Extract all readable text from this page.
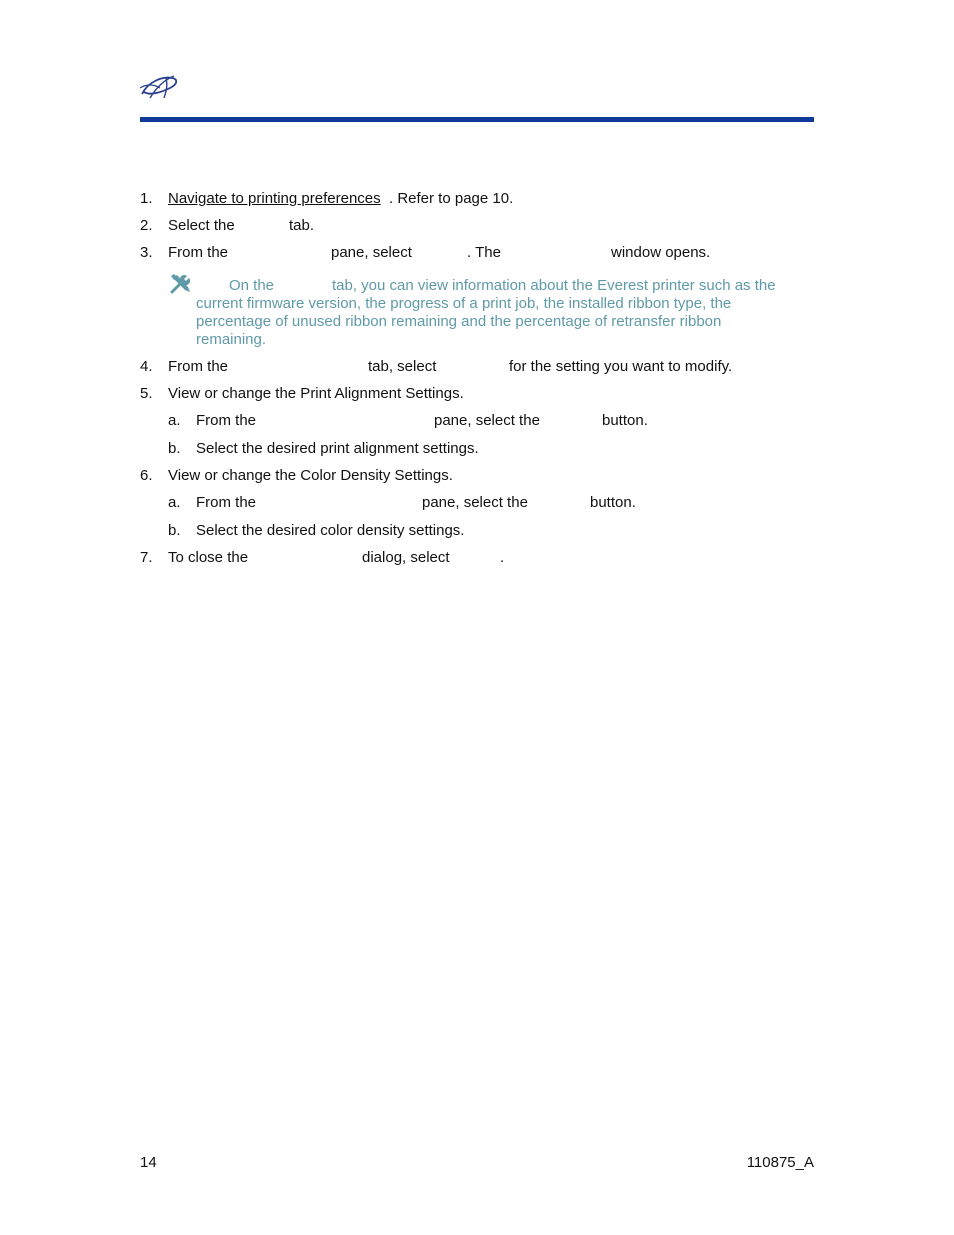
1. Navigate to printing preferences . Refer to page 10.
2. Select the	tab.
3. From the	pane, select	. The	window opens.
On the	tab, you can view information about the Everest printer such as the
current firmware version, the progress of a print job, the installed ribbon type, the
percentage of unused ribbon remaining and the percentage of retransfer ribbon
remaining.
4. From the	tab, select	for the setting you want to modify.
5. View or change the Print Alignment Settings.
a. From the	pane, select the	button.
b. Select the desired print alignment settings.
6. View or change the Color Density Settings.
a. From the	pane, select the	button.
b. Select the desired color density settings.
7. To close the	dialog, select	.
14	110875_A
